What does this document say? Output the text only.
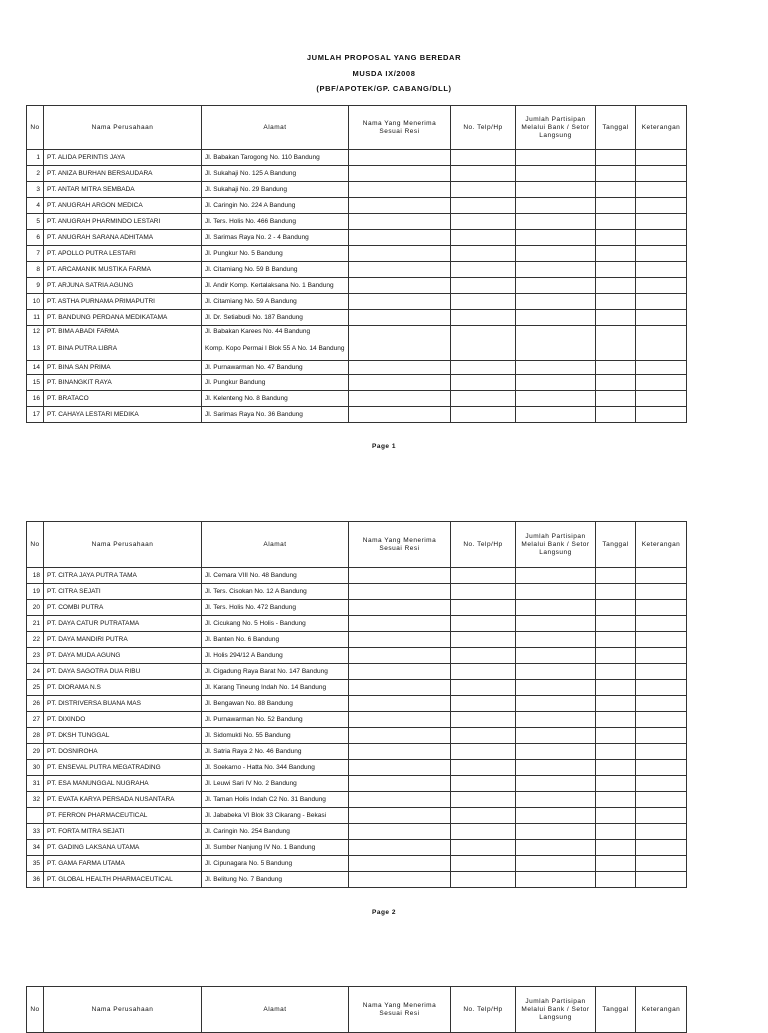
JUMLAH PROPOSAL YANG BEREDAR
MUSDA IX/2008
(PBF/APOTEK/GP. CABANG/DLL)
No	Nama Perusahaan	Alamat	Nama Yang Menerima Sesuai Resi	No. Telp/Hp	Jumlah Partisipan Melalui Bank / Setor Langsung	Tanggal	Keterangan
1	PT. ALIDA PERINTIS JAYA	Jl. Babakan Tarogong No. 110 Bandung					
2	PT. ANIZA BURHAN BERSAUDARA	Jl. Sukahaji No. 125 A Bandung					
3	PT. ANTAR MITRA SEMBADA	Jl. Sukahaji No. 29 Bandung					
4	PT. ANUGRAH ARGON MEDICA	Jl. Caringin No. 224 A Bandung					
5	PT. ANUGRAH PHARMINDO LESTARI	Jl. Ters. Holis No. 466 Bandung					
6	PT. ANUGRAH SARANA ADHITAMA	Jl. Sarimas Raya No. 2 - 4 Bandung					
7	PT. APOLLO PUTRA LESTARI	Jl. Pungkur No. 5 Bandung					
8	PT. ARCAMANIK MUSTIKA FARMA	Jl. Citamiang No. 59 B Bandung					
9	PT. ARJUNA SATRIA AGUNG	Jl. Andir Komp. Kertalaksana No. 1 Bandung					
10	PT. ASTHA PURNAMA PRIMAPUTRI	Jl. Citamiang No. 59 A Bandung					
11	PT. BANDUNG PERDANA MEDIKATAMA	Jl. Dr. Setiabudi No. 187 Bandung					
12	PT. BIMA ABADI FARMA	Jl. Babakan Karees No. 44 Bandung					
13	PT. BINA PUTRA LIBRA	Komp. Kopo Permai I Blok 55 A No. 14 Bandung					
14	PT. BINA SAN PRIMA	Jl. Purnawarman No. 47 Bandung					
15	PT. BINANGKIT RAYA	Jl. Pungkur Bandung					
16	PT. BRATACO	Jl. Kelenteng No. 8 Bandung					
17	PT. CAHAYA LESTARI MEDIKA	Jl. Sarimas Raya No. 36 Bandung					
Page 1
No	Nama Perusahaan	Alamat	Nama Yang Menerima Sesuai Resi	No. Telp/Hp	Jumlah Partisipan Melalui Bank / Setor Langsung	Tanggal	Keterangan
18	PT. CITRA JAYA PUTRA TAMA	Jl. Cemara VIII No. 48 Bandung					
19	PT. CITRA SEJATI	Jl. Ters. Cisokan No. 12 A Bandung					
20	PT. COMBI PUTRA	Jl. Ters. Holis No. 472 Bandung					
21	PT. DAYA CATUR PUTRATAMA	Jl. Cicukang No. 5 Holis - Bandung					
22	PT. DAYA MANDIRI PUTRA	Jl. Banten No. 6 Bandung					
23	PT. DAYA MUDA AGUNG	Jl. Holis 294/12 A Bandung					
24	PT. DAYA SAGOTRA DUA RIBU	Jl. Cigadung Raya Barat No. 147 Bandung					
25	PT. DIORAMA N.S	Jl. Karang Tineung Indah No. 14 Bandung					
26	PT. DISTRIVERSA BUANA MAS	Jl. Bengawan No. 88 Bandung					
27	PT. DIXINDO	Jl. Purnawarman No. 52 Bandung					
28	PT. DKSH TUNGGAL	Jl. Sidomukti No. 55 Bandung					
29	PT. DOSNIROHA	Jl. Satria Raya 2 No. 46 Bandung					
30	PT. ENSEVAL PUTRA MEGATRADING	Jl. Soekarno - Hatta No. 344 Bandung					
31	PT. ESA MANUNGGAL NUGRAHA	Jl. Leuwi Sari IV No. 2 Bandung					
32	PT. EVATA KARYA PERSADA NUSANTARA	Jl. Taman Holis Indah C2 No. 31 Bandung					
	PT. FERRON PHARMACEUTICAL	Jl. Jababeka VI Blok 33 Cikarang - Bekasi					
33	PT. FORTA MITRA SEJATI	Jl. Caringin No. 254 Bandung					
34	PT. GADING LAKSANA UTAMA	Jl. Sumber Nanjung IV No. 1 Bandung					
35	PT. GAMA FARMA UTAMA	Jl. Cipunagara No. 5 Bandung					
36	PT. GLOBAL HEALTH PHARMACEUTICAL	Jl. Belitung No. 7 Bandung					
Page 2
No	Nama Perusahaan	Alamat	Nama Yang Menerima Sesuai Resi	No. Telp/Hp	Jumlah Partisipan Melalui Bank / Setor Langsung	Tanggal	Keterangan
